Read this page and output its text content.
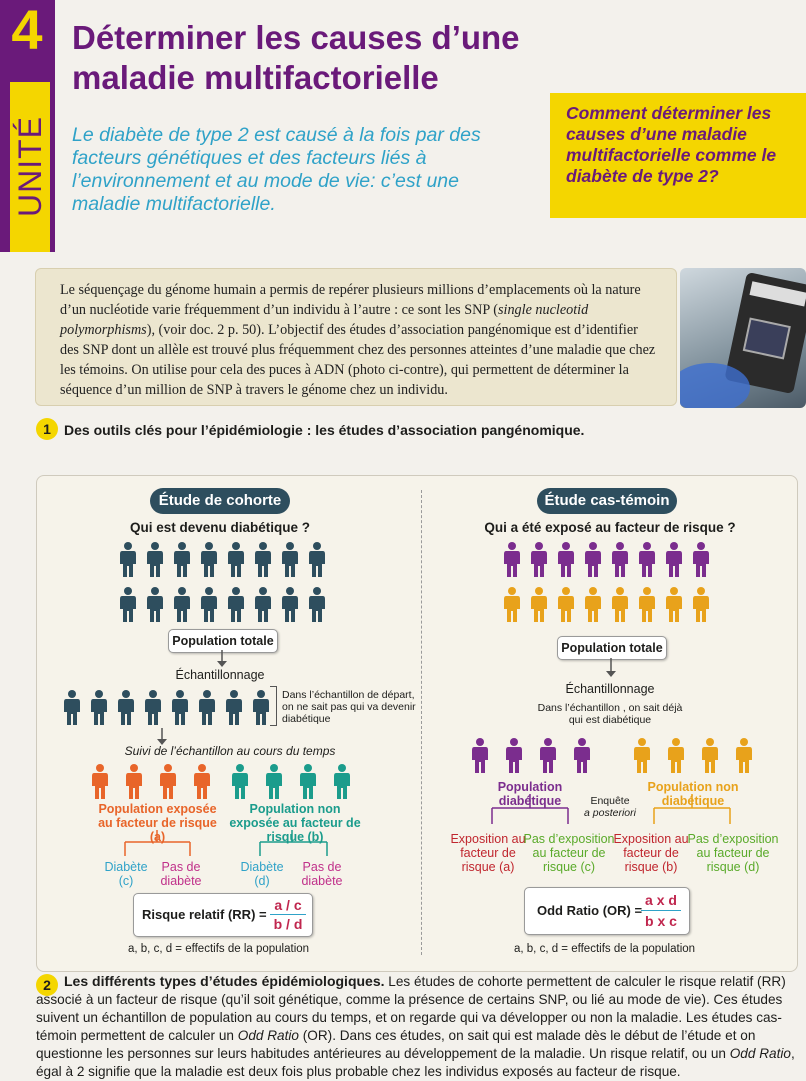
4
UNITÉ
Déterminer les causes d’une maladie multifactorielle
Le diabète de type 2 est causé à la fois par des facteurs génétiques et des facteurs liés à l’environnement et au mode de vie: c’est une maladie multifactorielle.
Comment déterminer les causes d’une maladie multifactorielle comme le diabète de type 2?
Le séquençage du génome humain a permis de repérer plusieurs millions d’emplacements où la nature d’un nucléotide varie fréquemment d’un individu à l’autre : ce sont les SNP (single nucleotid polymorphisms), (voir doc. 2 p. 50). L’objectif des études d’association pangénomique est d’identifier des SNP dont un allèle est trouvé plus fréquemment chez des personnes atteintes d’une maladie que chez les témoins. On utilise pour cela des puces à ADN (photo ci-contre), qui permettent de déterminer la séquence d’un million de SNP à travers le génome chez un individu.
1 Des outils clés pour l’épidémiologie : les études d’association pangénomique.
Étude de cohorte
Qui est devenu diabétique ?
Population totale
Échantillonnage
Dans l’échantillon de départ, on ne sait pas qui va devenir diabétique
Suivi de l’échantillon au cours du temps
Population exposée au facteur de risque (a)
Population non exposée au facteur de risque (b)
Diabète (c)
Pas de diabète
Diabète (d)
Pas de diabète
Risque relatif (RR) =
a / c
b / d
a, b, c, d = effectifs de la population
Étude cas-témoin
Qui a été exposé au facteur de risque ?
Population totale
Échantillonnage
Dans l’échantillon , on sait déjà qui est diabétique
Population diabétique
Population non diabétique
Enquête
a posteriori
Exposition au facteur de risque (a)
Pas d’exposition au facteur de risque (c)
Exposition au facteur de risque (b)
Pas d’exposition au facteur de risque (d)
Odd Ratio (OR) =
a x d
b x c
a, b, c, d = effectifs de la population
2 Les différents types d’études épidémiologiques. Les études de cohorte permettent de calculer le risque relatif (RR) associé à un facteur de risque (qu’il soit génétique, comme la présence de certains SNP, ou lié au mode de vie). Ces études suivent un échantillon de population au cours du temps, et on regarde qui va développer ou non la maladie. Les études cas-témoin permettent de calculer un Odd Ratio (OR). Dans ces études, on sait qui est malade dès le début de l’étude et on questionne les personnes sur leurs habitudes antérieures au développement de la maladie. Un risque relatif, ou un Odd Ratio, égal à 2 signifie que la maladie est deux fois plus probable chez les individus exposés au facteur de risque.
